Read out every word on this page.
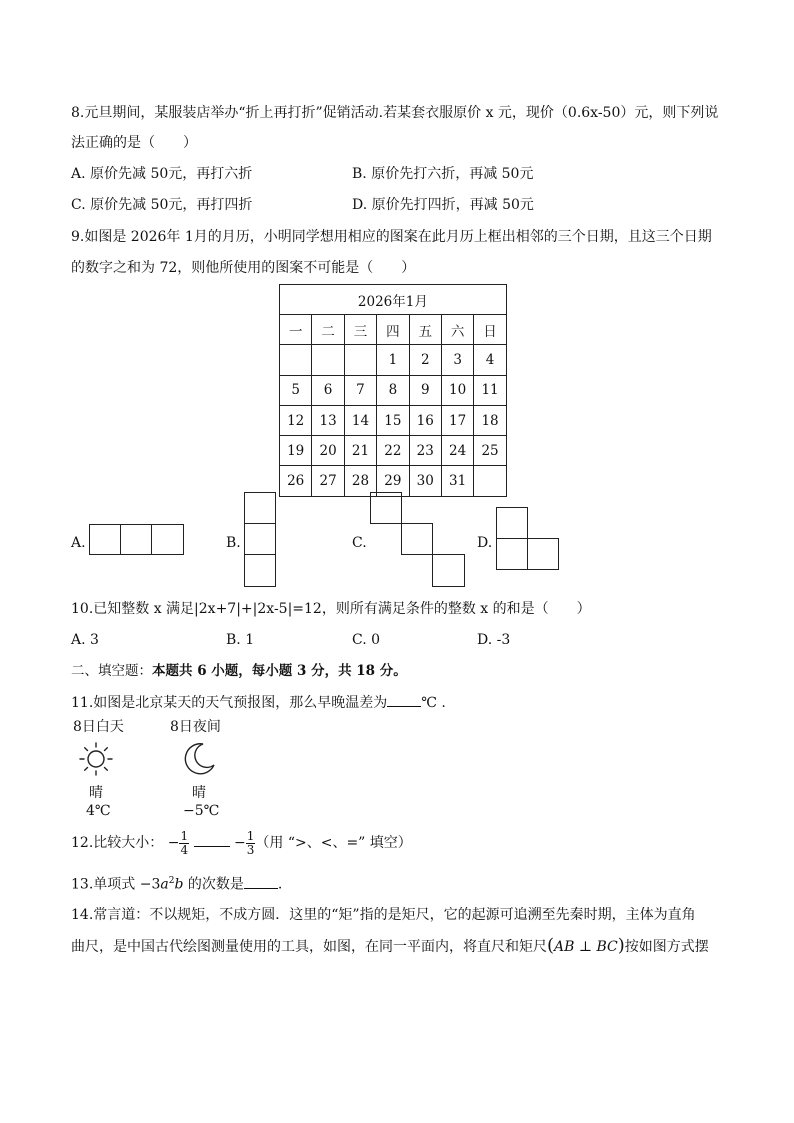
8.元旦期间，某服装店举办“折上再打折”促销活动.若某套衣服原价 x 元，现价（0.6x-50）元，则下列说
法正确的是（　　）
A. 原价先减 50元，再打六折	B. 原价先打六折，再减 50元
C. 原价先减 50元，再打四折	D. 原价先打四折，再减 50元
9.如图是 2026年 1月的月历，小明同学想用相应的图案在此月历上框出相邻的三个日期，且这三个日期
的数字之和为 72，则他所使用的图案不可能是（　　）
2026年1月						
一	二	三	四	五	六	日
			1	2	3	4
5	6	7	8	9	10	11
12	13	14	15	16	17	18
19	20	21	22	23	24	25
26	27	28	29	30	31	
A.	B.	C.	D.
10.已知整数 x 满足|2x+7|+|2x-5|=12，则所有满足条件的整数 x 的和是（　　）
A. 3	B. 1	C. 0	D. -3
二、填空题：本题共 6 小题，每小题 3 分，共 18 分。
11.如图是北京某天的天气预报图，那么早晚温差为 ℃ .
8日白天	8日夜间
晴	晴
4℃	−5℃
12.比较大小： − $\frac{1}{4}$	− $\frac{1}{3}$ （用 “>、<、=” 填空）
13.单项式 $-3a^2b$ 的次数是 .
14.常言道：不以规矩，不成方圆．这里的“矩”指的是矩尺，它的起源可追溯至先秦时期，主体为直角
曲尺，是中国古代绘图测量使用的工具，如图，在同一平面内，将直尺和矩尺(AB ⊥ BC)按如图方式摆
